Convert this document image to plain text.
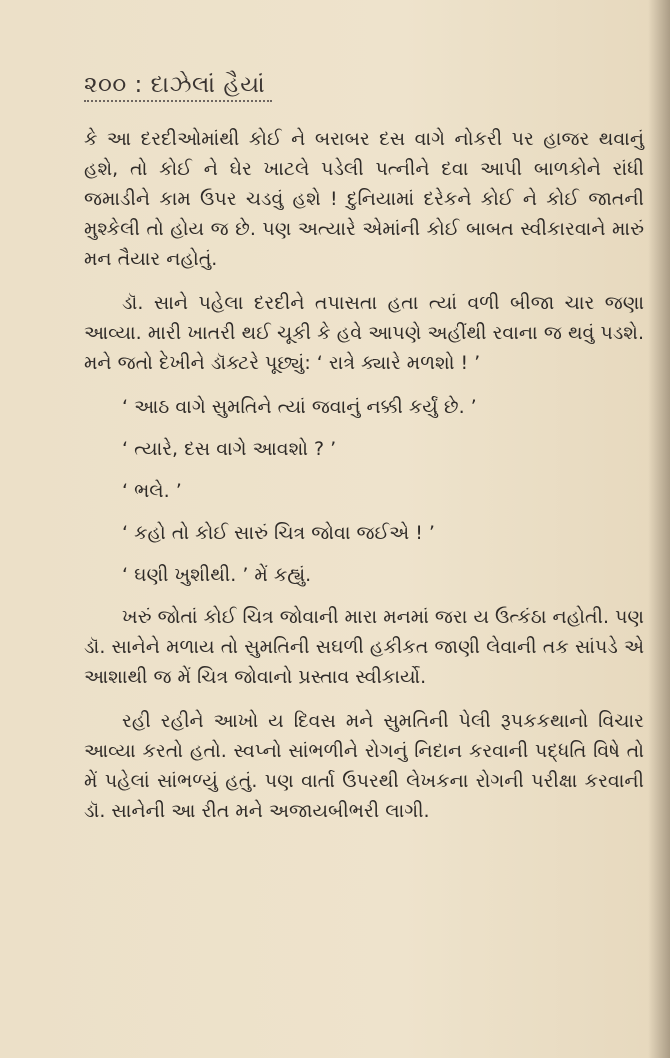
૨૦૦ : દાઝેલાં હૈયાં

કે આ દરદીઓમાંથી કોઈ ને બરાબર દસ વાગે નોકરી પર હાજર થવાનું હશે, તો કોઈ ને ઘેર ખાટલે પડેલી પત્નીને દવા આપી બાળકોને રાંધી જમાડીને કામ ઉપર ચડવું હશે ! દુનિયામાં દરેકને કોઈ ને કોઈ જાતની મુશ્કેલી તો હોય જ છે. પણ અત્યારે એમાંની કોઈ બાબત સ્વીકારવાને મારું મન તૈયાર નહોતું.

ડૉ. સાને પહેલા દરદીને તપાસતા હતા ત્યાં વળી બીજા ચાર જણા આવ્યા. મારી ખાતરી થઈ ચૂકી કે હવે આપણે અહીંથી રવાના જ થવું પડશે. મને જતો દેખીને ડૉક્ટરે પૂછ્યું: ‘ રાત્રે ક્યારે મળશો ! ’

‘ આઠ વાગે સુમતિને ત્યાં જવાનું નક્કી કર્યું છે. ’

‘ ત્યારે, દસ વાગે આવશો ? ’

‘ ભલે. ’

‘ કહો તો કોઈ સારું ચિત્ર જોવા જઈએ ! ’

‘ ઘણી ખુશીથી. ’ મેં કહ્યું.

ખરું જોતાં કોઈ ચિત્ર જોવાની મારા મનમાં જરા ય ઉત્કંઠા નહોતી. પણ ડૉ. સાનેને મળાય તો સુમતિની સઘળી હકીકત જાણી લેવાની તક સાંપડે એ આશાથી જ મેં ચિત્ર જોવાનો પ્રસ્તાવ સ્વીકાર્યો.

રહી રહીને આખો ય દિવસ મને સુમતિની પેલી રૂપકકથાનો વિચાર આવ્યા કરતો હતો. સ્વપ્નો સાંભળીને રોગનું નિદાન કરવાની પદ્ધતિ વિષે તો મેં પહેલાં સાંભળ્યું હતું. પણ વાર્તા ઉપરથી લેખકના રોગની પરીક્ષા કરવાની ડૉ. સાનેની આ રીત મને અજાયબીભરી લાગી.
